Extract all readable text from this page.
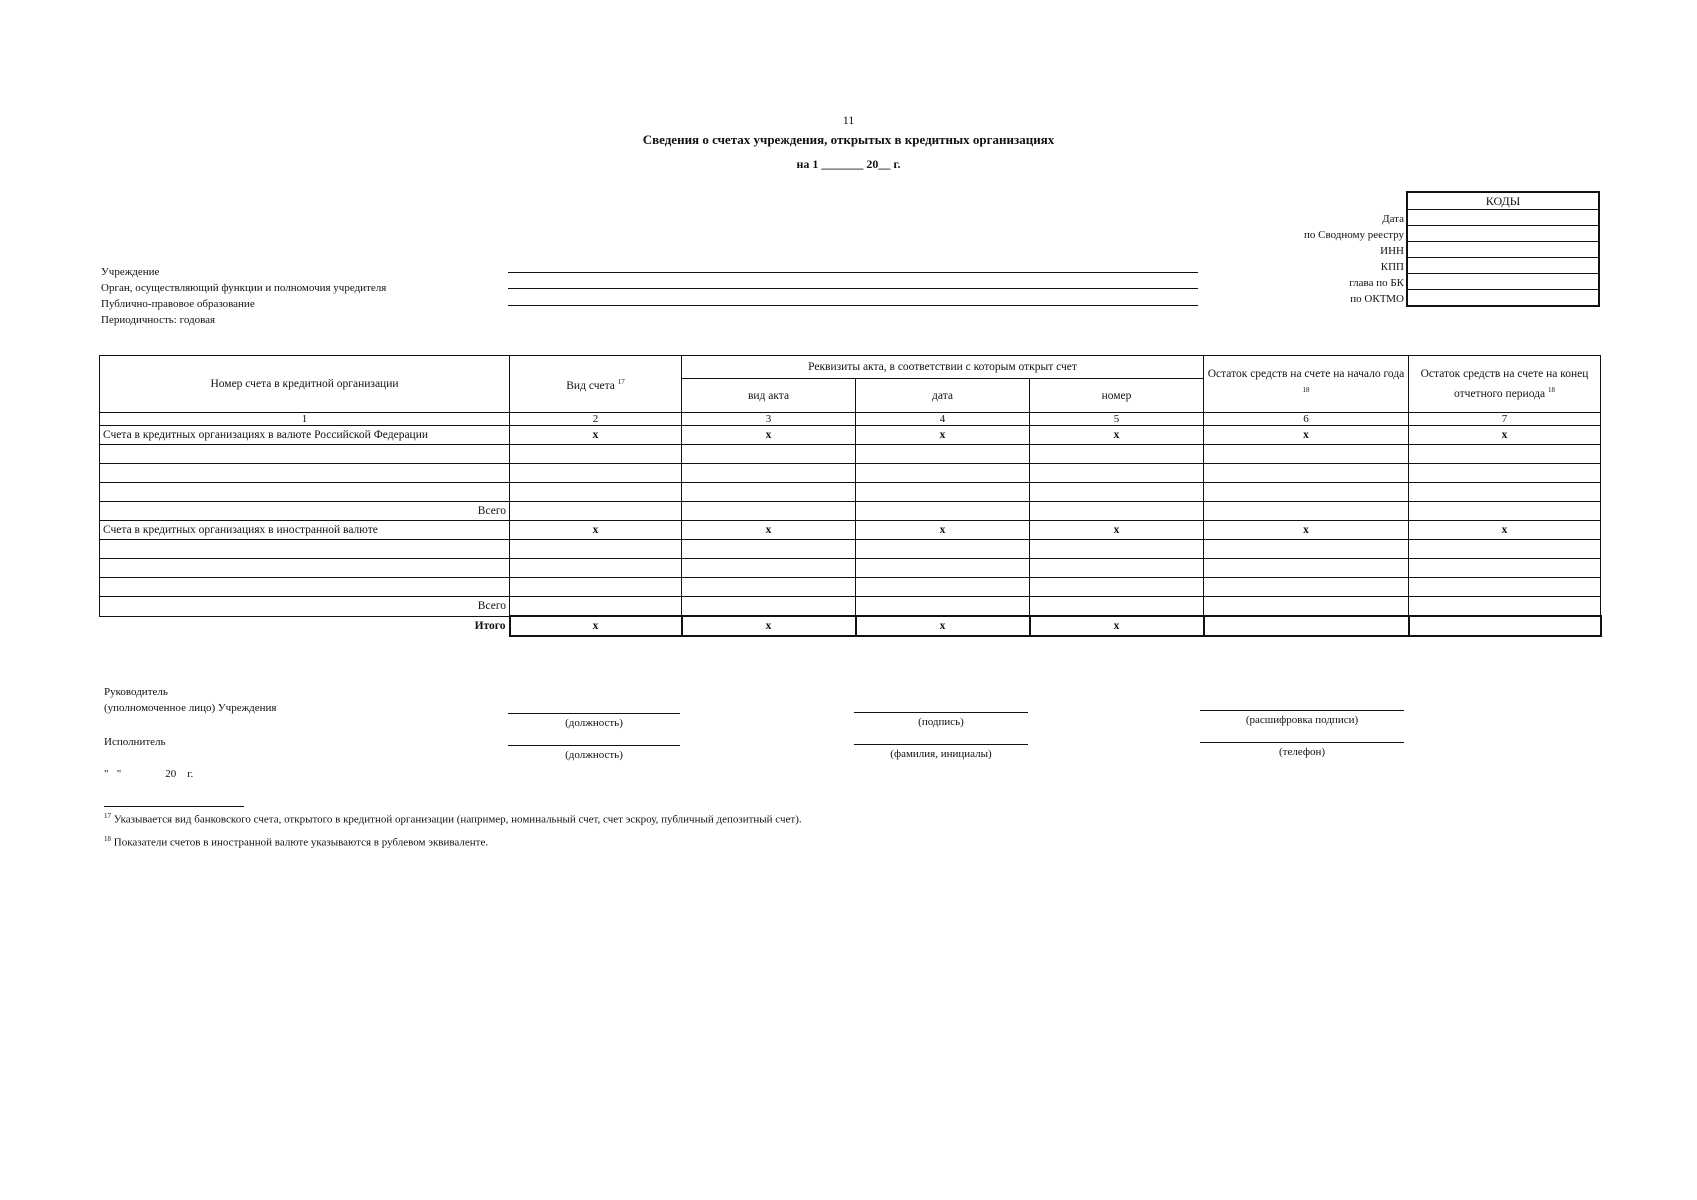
11
Сведения о счетах учреждения, открытых в кредитных организациях
на 1 _______ 20__ г.
КОДЫ
Дата
по Сводному реестру
ИНН
КПП
глава по БК
по ОКТМО
Учреждение
Орган, осуществляющий функции и полномочия учредителя
Публично-правовое образование
Периодичность: годовая
Номер счета в кредитной организации	Вид счета $^{17}$	Реквизиты акта, в соответствии с которым открыт счет			Остаток средств на счете на начало года $^{18}$	Остаток средств на счете на конец отчетного периода $^{18}$
		вид акта	дата	номер		
1	2	3	4	5	6	7
Счета в кредитных организациях в валюте Российской Федерации	x	x	x	x	x	x

Всего						
Счета в кредитных организациях в иностранной валюте	x	x	x	x	x	x

Всего						
Итого	x	x	x	x		
Руководитель
(уполномоченное лицо) Учреждения
Исполнитель
"   "                20    г.
(должность)	(подпись)	(расшифровка подписи)
(должность)	(фамилия, инициалы)	(телефон)
$^{17}$ Указывается вид банковского счета, открытого в кредитной организации (например, номинальный счет, счет эскроу, публичный депозитный счет).
$^{18}$ Показатели счетов в иностранной валюте указываются в рублевом эквиваленте.
